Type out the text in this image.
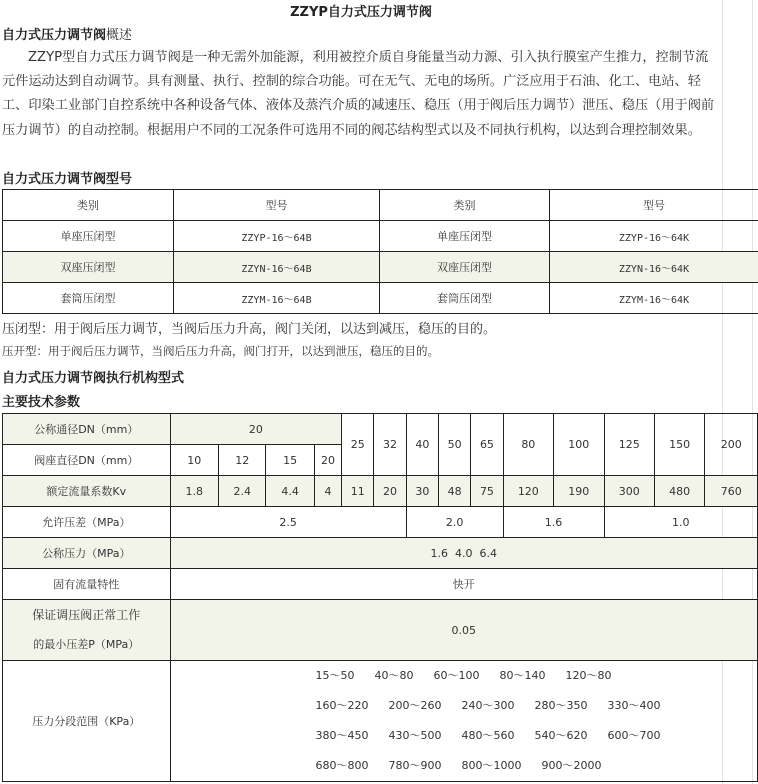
ZZYP自力式压力调节阀
自力式压力调节阀概述
ZZYP型自力式压力调节阀是一种无需外加能源，利用被控介质自身能量当动力源、引入执行膜室产生推力，控制节流元件运动达到自动调节。具有测量、执行、控制的综合功能。可在无气、无电的场所。广泛应用于石油、化工、电站、轻工、印染工业部门自控系统中各种设备气体、液体及蒸汽介质的减速压、稳压（用于阀后压力调节）泄压、稳压（用于阀前压力调节）的自动控制。根据用户不同的工况条件可选用不同的阀芯结构型式以及不同执行机构，以达到合理控制效果。
自力式压力调节阀型号
类别	型号	类别	型号
单座压闭型	ZZYP-16～64B	单座压闭型	ZZYP-16～64K
双座压闭型	ZZYN-16～64B	双座压闭型	ZZYN-16～64K
套筒压闭型	ZZYM-16～64B	套筒压闭型	ZZYM-16～64K
压闭型：用于阀后压力调节，当阀后压力升高，阀门关闭，以达到减压，稳压的目的。
压开型：用于阀后压力调节，当阀后压力升高，阀门打开，以达到泄压，稳压的目的。
自力式压力调节阀执行机构型式
主要技术参数
公称通径DN（mm）	20				25	32	40	50	65	80	100	125	150	200
阀座直径DN（mm）	10	12	15	20										
额定流量系数Kv	1.8	2.4	4.4	4	11	20	30	48	75	120	190	300	480	760
允许压差（MPa）	2.5						2.0			1.6		1.0		
公称压力（MPa）	1.6  4.0  6.4													
固有流量特性	快开													

保证调压阀正常工作
的最小压差P（MPa）	0.05													
压力分段范围（KPa）	15～50 40～80 60～100 80～140 120～80
160～220 200～260 240～300 280～350 330～400
380～450 430～500 480～560 540～620 600～700
680～800 780～900 800～1000 900～2000													
